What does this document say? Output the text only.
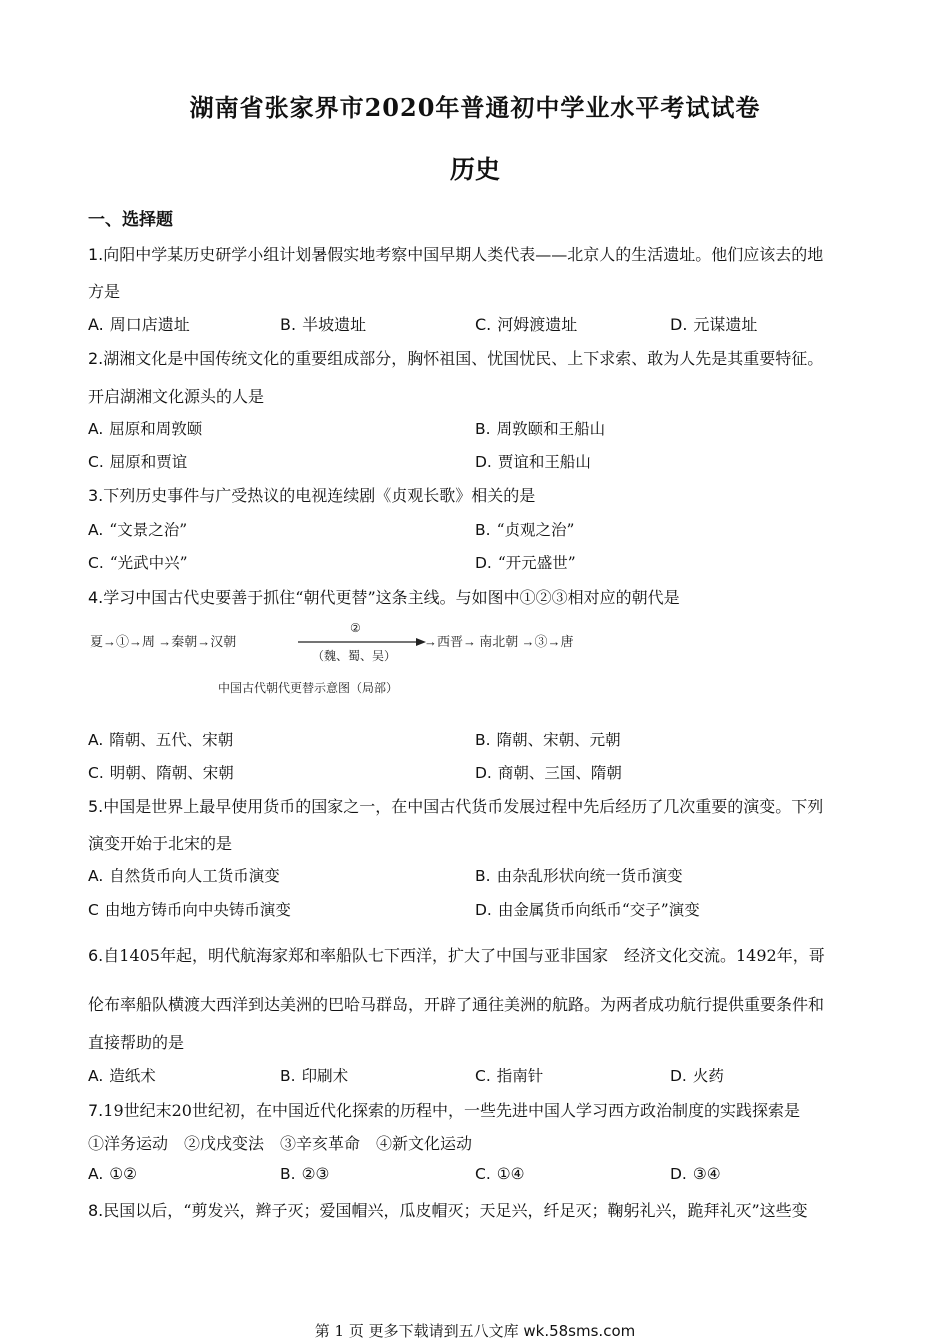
湖南省张家界市2020年普通初中学业水平考试试卷
历史
一、选择题
1.向阳中学某历史研学小组计划暑假实地考察中国早期人类代表——北京人的生活遗址。他们应该去的地
方是
A. 周口店遗址	B. 半坡遗址	C. 河姆渡遗址	D. 元谋遗址
2.湖湘文化是中国传统文化的重要组成部分，胸怀祖国、忧国忧民、上下求索、敢为人先是其重要特征。
开启湖湘文化源头的人是
A. 屈原和周敦颐	B. 周敦颐和王船山
C. 屈原和贾谊	D. 贾谊和王船山
3.下列历史事件与广受热议的电视连续剧《贞观长歌》相关的是
A. “文景之治”	B. “贞观之治”
C. “光武中兴”	D. “开元盛世”
4.学习中国古代史要善于抓住“朝代更替”这条主线。与如图中①②③相对应的朝代是
夏→①→周 →秦朝→汉朝
②
（魏、蜀、吴）
→西晋→ 南北朝 →③→唐
中国古代朝代更替示意图（局部）
A. 隋朝、五代、宋朝	B. 隋朝、宋朝、元朝
C. 明朝、隋朝、宋朝	D. 商朝、三国、隋朝
5.中国是世界上最早使用货币的国家之一，在中国古代货币发展过程中先后经历了几次重要的演变。下列
演变开始于北宋的是
A. 自然货币向人工货币演变	B. 由杂乱形状向统一货币演变
C 由地方铸币向中央铸币演变	D. 由金属货币向纸币“交子”演变
6.自1405年起，明代航海家郑和率船队七下西洋，扩大了中国与亚非国家　经济文化交流。1492年，哥
伦布率船队横渡大西洋到达美洲的巴哈马群岛，开辟了通往美洲的航路。为两者成功航行提供重要条件和
直接帮助的是
A. 造纸术	B. 印刷术	C. 指南针	D. 火药
7.19世纪末20世纪初，在中国近代化探索的历程中，一些先进中国人学习西方政治制度的实践探索是
①洋务运动　②戊戌变法　③辛亥革命　④新文化运动
A. ①②	B. ②③	C. ①④	D. ③④
8.民国以后，“剪发兴，辫子灭；爱国帽兴，瓜皮帽灭；天足兴，纤足灭；鞠躬礼兴，跪拜礼灭”这些变
第 1 页 更多下载请到五八文库 wk.58sms.com
